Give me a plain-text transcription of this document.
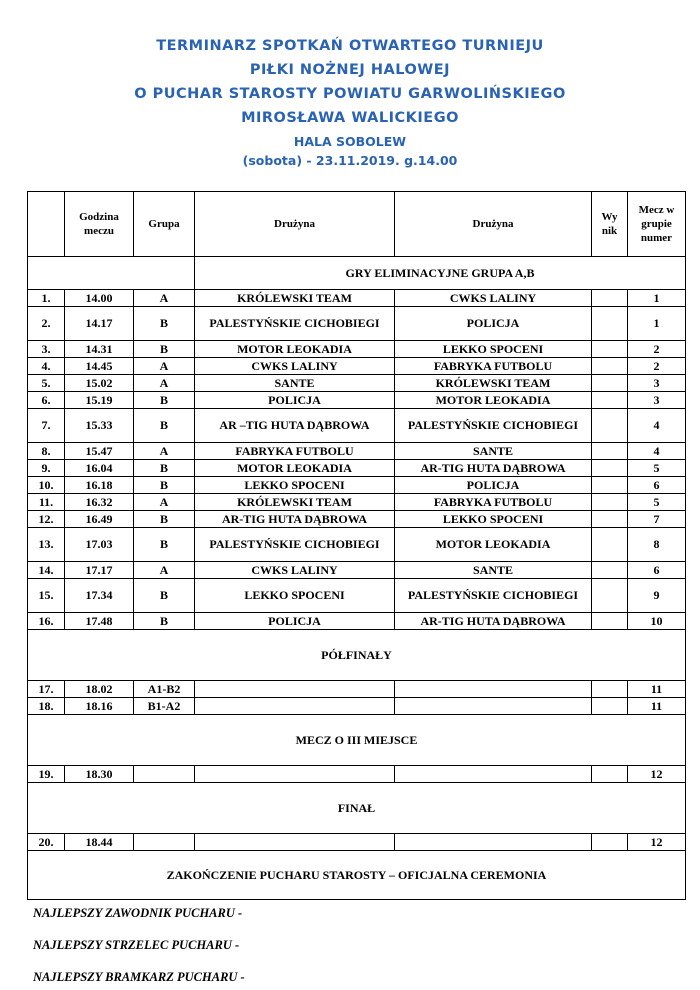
TERMINARZ SPOTKAŃ OTWARTEGO TURNIEJU
PIŁKI NOŻNEJ HALOWEJ
O PUCHAR STAROSTY POWIATU GARWOLIŃSKIEGO
MIROSŁAWA WALICKIEGO
HALA SOBOLEW
(sobota) - 23.11.2019. g.14.00
	Godzina meczu	Grupa	Drużyna	Drużyna	Wy nik	Mecz w grupie numer
			GRY ELIMINACYJNE GRUPA A,B			
1.	14.00	A	KRÓLEWSKI TEAM	CWKS LALINY		1
2.	14.17	B	PALESTYŃSKIE CICHOBIEGI	POLICJA		1
3.	14.31	B	MOTOR LEOKADIA	LEKKO SPOCENI		2
4.	14.45	A	CWKS LALINY	FABRYKA FUTBOLU		2
5.	15.02	A	SANTE	KRÓLEWSKI TEAM		3
6.	15.19	B	POLICJA	MOTOR LEOKADIA		3
7.	15.33	B	AR –TIG HUTA DĄBROWA	PALESTYŃSKIE CICHOBIEGI		4
8.	15.47	A	FABRYKA FUTBOLU	SANTE		4
9.	16.04	B	MOTOR LEOKADIA	AR-TIG HUTA DĄBROWA		5
10.	16.18	B	LEKKO SPOCENI	POLICJA		6
11.	16.32	A	KRÓLEWSKI TEAM	FABRYKA FUTBOLU		5
12.	16.49	B	AR-TIG HUTA DĄBROWA	LEKKO SPOCENI		7
13.	17.03	B	PALESTYŃSKIE CICHOBIEGI	MOTOR LEOKADIA		8
14.	17.17	A	CWKS LALINY	SANTE		6
15.	17.34	B	LEKKO SPOCENI	PALESTYŃSKIE CICHOBIEGI		9
16.	17.48	B	POLICJA	AR-TIG HUTA DĄBROWA		10
PÓŁFINAŁY						
17.	18.02	A1-B2				11
18.	18.16	B1-A2				11
MECZ O III MIEJSCE						
19.	18.30					12
FINAŁ						
20.	18.44					12
ZAKOŃCZENIE PUCHARU STAROSTY – OFICJALNA CEREMONIA						
NAJLEPSZY ZAWODNIK PUCHARU -
NAJLEPSZY STRZELEC PUCHARU -
NAJLEPSZY BRAMKARZ PUCHARU -
